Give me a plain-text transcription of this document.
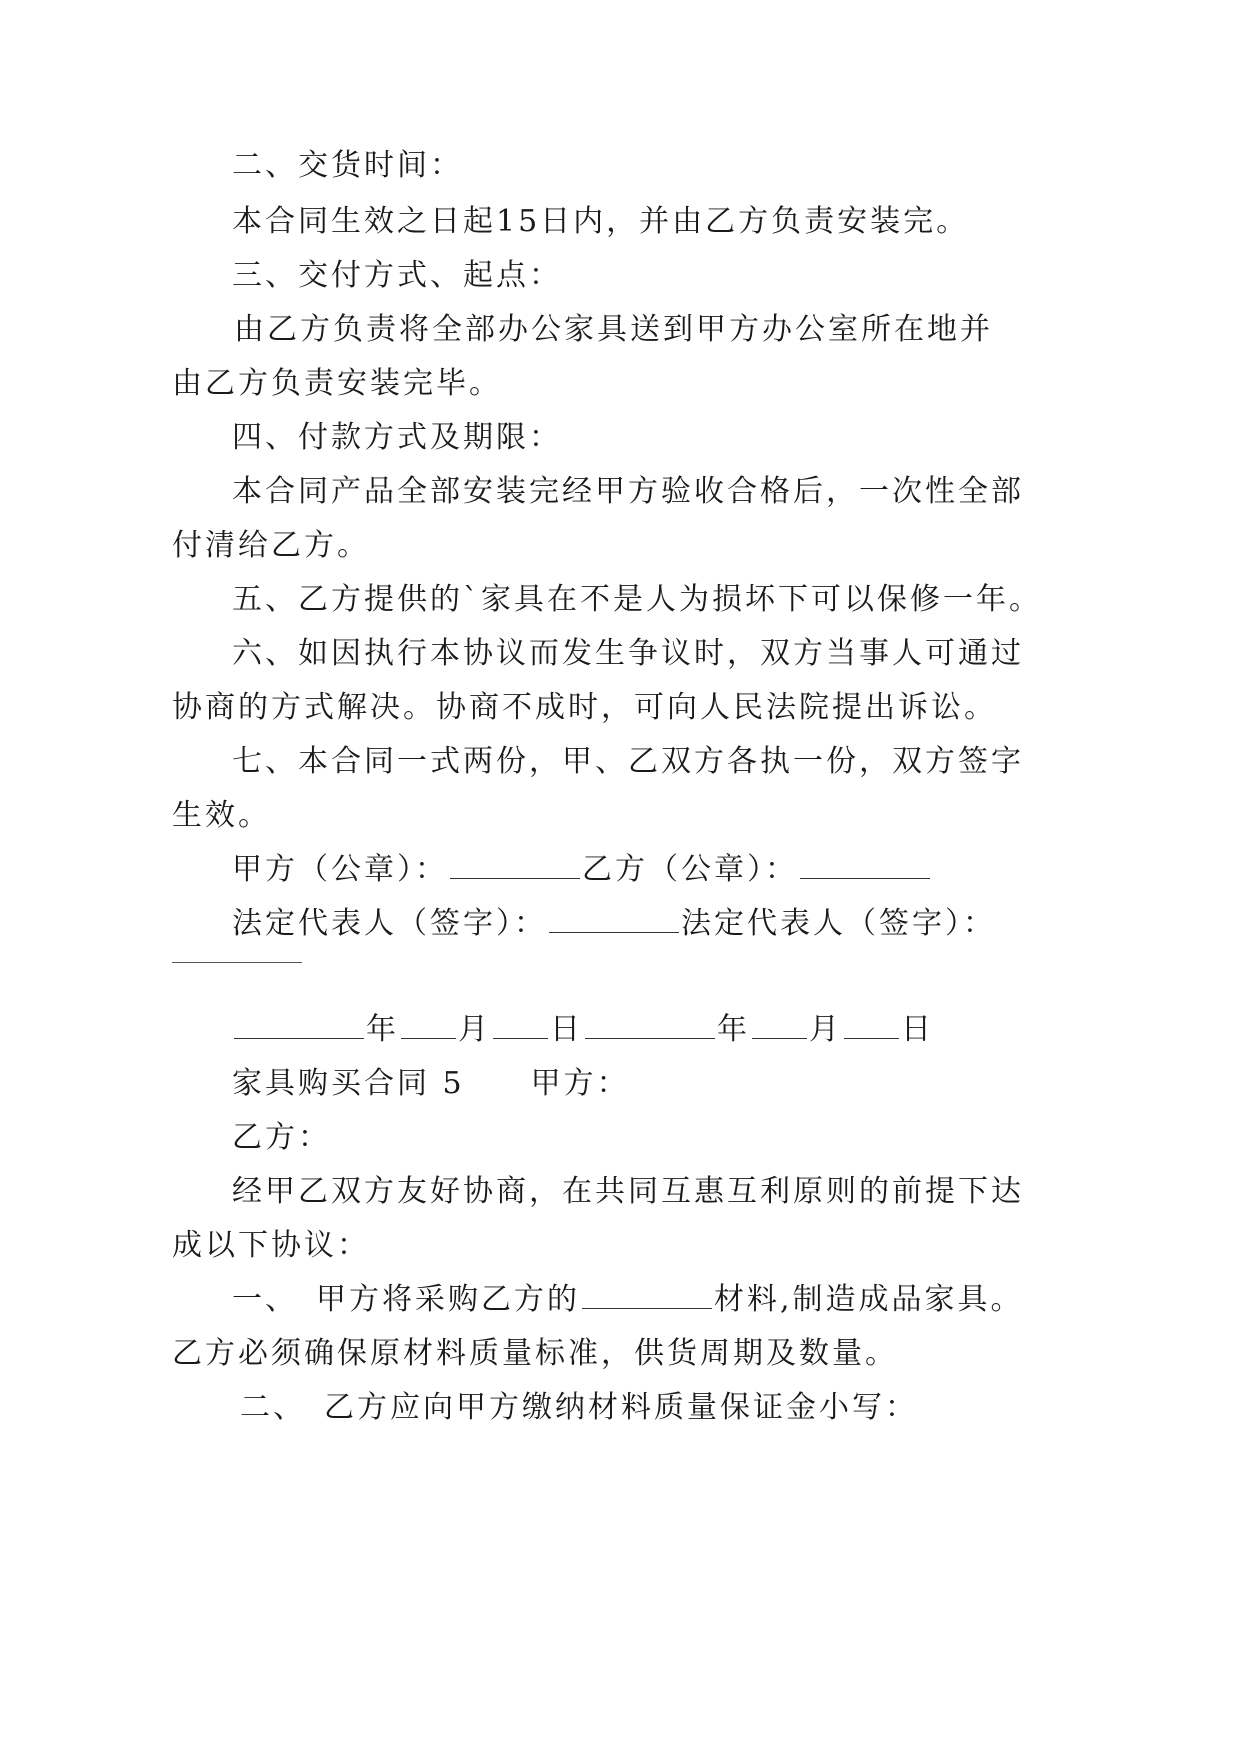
二、交货时间：
本合同生效之日起15日内，并由乙方负责安装完。
三、交付方式、起点：
由乙方负责将全部办公家具送到甲方办公室所在地并
由乙方负责安装完毕。
四、付款方式及期限：
本合同产品全部安装完经甲方验收合格后，一次性全部
付清给乙方。
五、乙方提供的`家具在不是人为损坏下可以保修一年。
六、如因执行本协议而发生争议时，双方当事人可通过
协商的方式解决。协商不成时，可向人民法院提出诉讼。
七、本合同一式两份，甲、乙双方各执一份，双方签字
生效。
甲方（公章）：	乙方（公章）：
法定代表人（签字）：	法定代表人（签字）：
年 月 日	年 月 日
家具购买合同 5　　甲方：
乙方：
经甲乙双方友好协商，在共同互惠互利原则的前提下达
成以下协议：
一、　甲方将采购乙方的	材料,制造成品家具。
乙方必须确保原材料质量标准，供货周期及数量。
二、　乙方应向甲方缴纳材料质量保证金小写：
